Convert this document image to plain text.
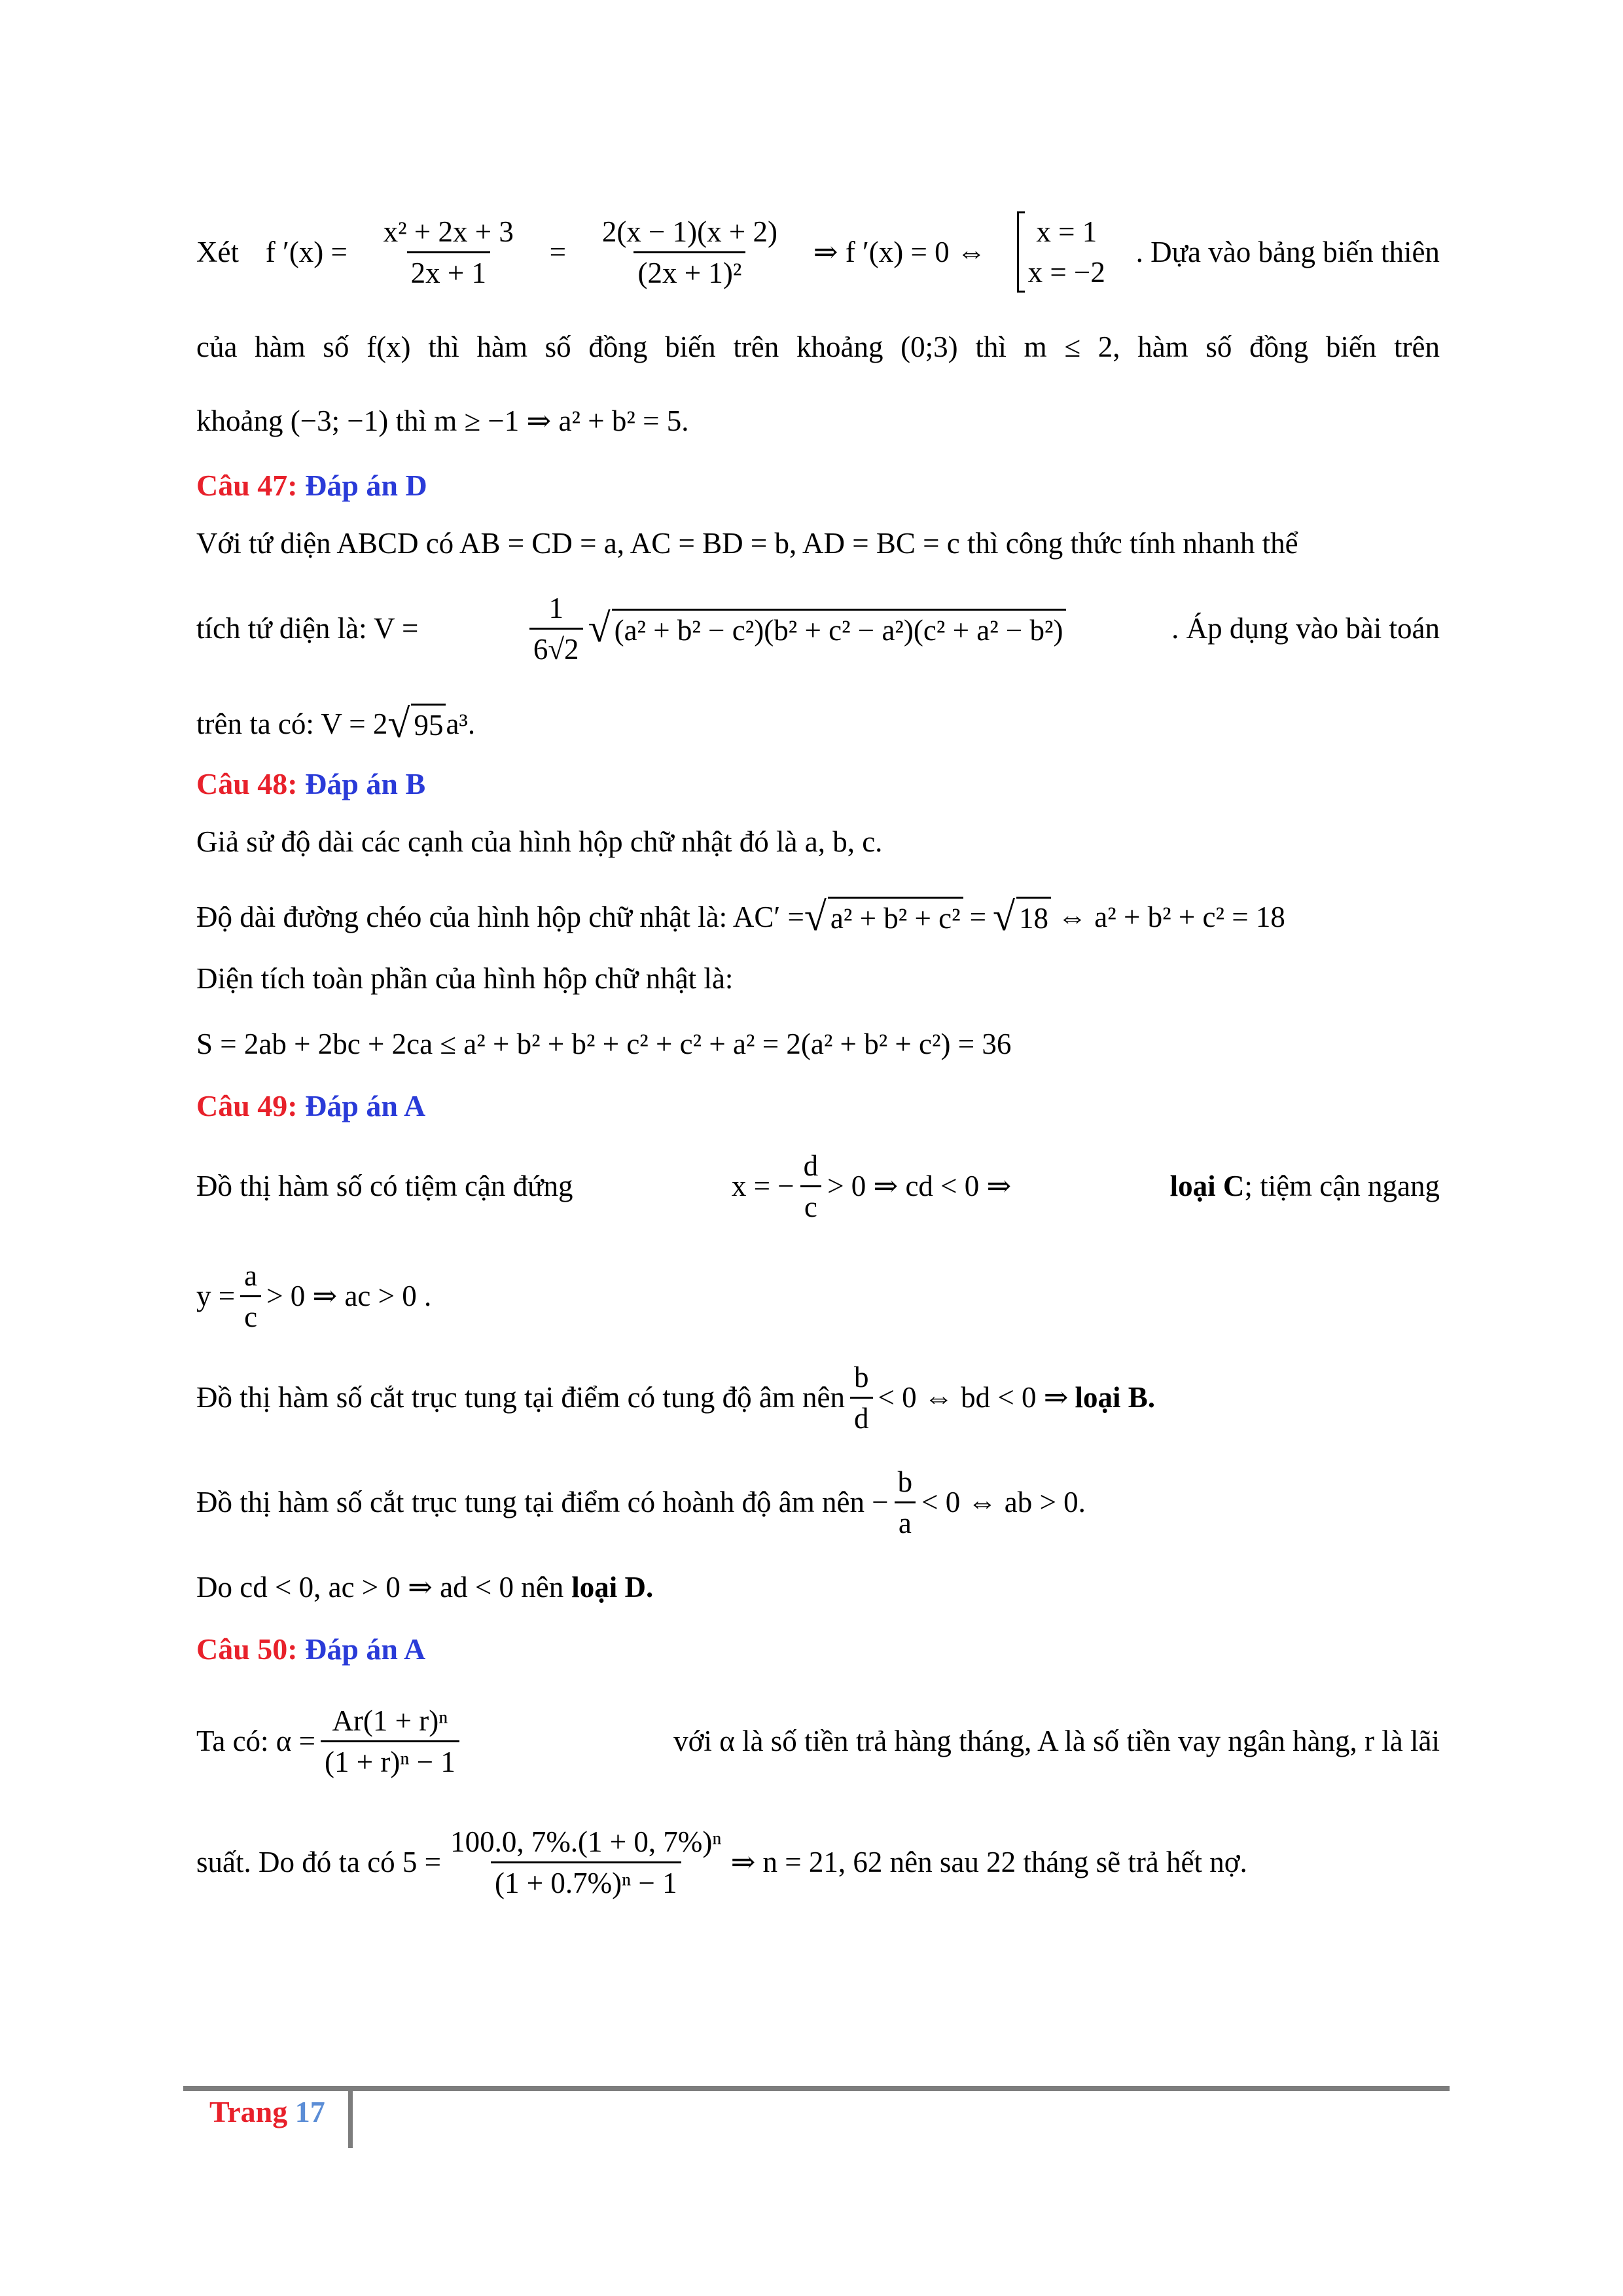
Xét f $'(x) = \frac{\text{x² + 2x + 3}}{2x + 1} = \frac{2(x - 1)(x + 2)}{\text{(2x + 1)²}}$ ⇒ f ′(x) = 0 ⇔
x = 1
x = −2
. Dựa vào bảng biến thiên
của hàm số f(x) thì hàm số đồng biến trên khoảng (0;3) thì m ≤ 2, hàm số đồng biến trên
khoảng (−3; −1) thì m ≥ −1 ⇒ a² + b² = 5.
Câu 47: Đáp án D
Với tứ diện ABCD có AB = CD = a, AC = BD = b, AD = BC = c thì công thức tính nhanh thể
tích tứ diện là: V =	$\frac{1}{6√2}$ √ (a² + b² − c²)(b² + c² − a²)(c² + a² − b²)	. Áp dụng vào bài toán
trên ta có: V = 2 √ 95 a³.
Câu 48: Đáp án B
Giả sử độ dài các cạnh của hình hộp chữ nhật đó là a, b, c.
Độ dài đường chéo của hình hộp chữ nhật là: AC′ = √ a² + b² + c² = √ 18 ⇔ a² + b² + c² = 18
Diện tích toàn phần của hình hộp chữ nhật là:
S = 2ab + 2bc + 2ca ≤ a² + b² + b² + c² + c² + a² = 2(a² + b² + c²) = 36
Câu 49: Đáp án A
Đồ thị hàm số có tiệm cận đứng	x = − $\frac{d}{c} > 0$ ⇒ cd < 0 ⇒	loại C ; tiệm cận ngang
$y = \frac{a}{c} > 0$ ⇒ ac > 0 .
Đồ thị hàm số cắt trục tung tại điểm có tung độ âm nên $\frac{b}{d} < 0$ ⇔ bd < 0 ⇒ loại B.
Đồ thị hàm số cắt trục tung tại điểm có hoành độ âm nên − $\frac{b}{a} < 0$ ⇔ ab > 0.
Do cd < 0, ac > 0 ⇒ ad < 0 nên loại D.
Câu 50: Đáp án A
Ta có: $\alpha = \frac{\text{Ar(1 + r)ⁿ}}{\text{(1 + r)ⁿ − 1}}$	với α là số tiền trả hàng tháng, A là số tiền vay ngân hàng, r là lãi
suất. Do đó ta có $5 = \frac{\text{100.0, 7\%.(1 + 0, 7\%)ⁿ}}{\text{(1 + 0.7\%)ⁿ − 1}}$ ⇒ n = 21, 62 nên sau 22 tháng sẽ trả hết nợ.
Trang 17
